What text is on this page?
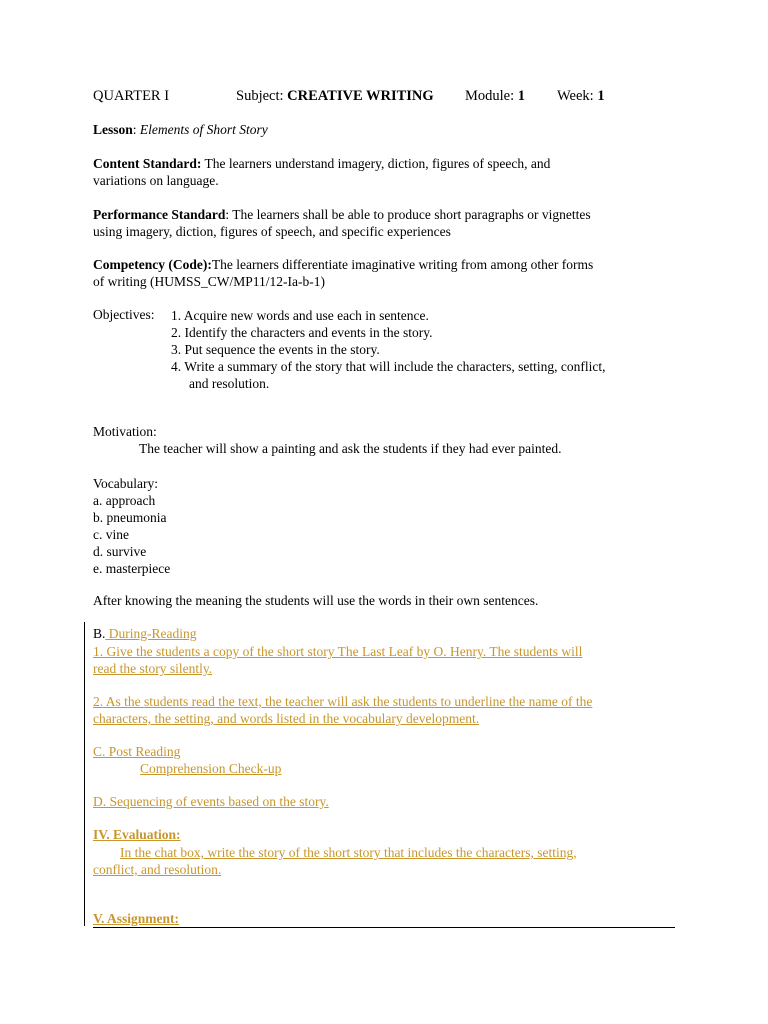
QUARTER I	Subject: CREATIVE WRITING Module: 1 Week: 1
Lesson: Elements of Short Story
Content Standard: The learners understand imagery, diction, figures of speech, and
variations on language.
Performance Standard: The learners shall be able to produce short paragraphs or vignettes
using imagery, diction, figures of speech, and specific experiences
Competency (Code):The learners differentiate imaginative writing from among other forms
of writing (HUMSS_CW/MP11/12-Ia-b-1)
Objectives: 1. Acquire new words and use each in sentence.
2. Identify the characters and events in the story.
3. Put sequence the events in the story.
4. Write a summary of the story that will include the characters, setting, conflict,
and resolution.
Motivation:
The teacher will show a painting and ask the students if they had ever painted.
Vocabulary:
a. approach
b. pneumonia
c. vine
d. survive
e. masterpiece
After knowing the meaning the students will use the words in their own sentences.
B. During-Reading
1. Give the students a copy of the short story The Last Leaf by O. Henry. The students will
read the story silently.
2. As the students read the text, the teacher will ask the students to underline the name of the
characters, the setting, and words listed in the vocabulary development.
C. Post Reading
Comprehension Check-up
D. Sequencing of events based on the story.
IV. Evaluation:
In the chat box, write the story of the short story that includes the characters, setting,
conflict, and resolution.
V. Assignment:
